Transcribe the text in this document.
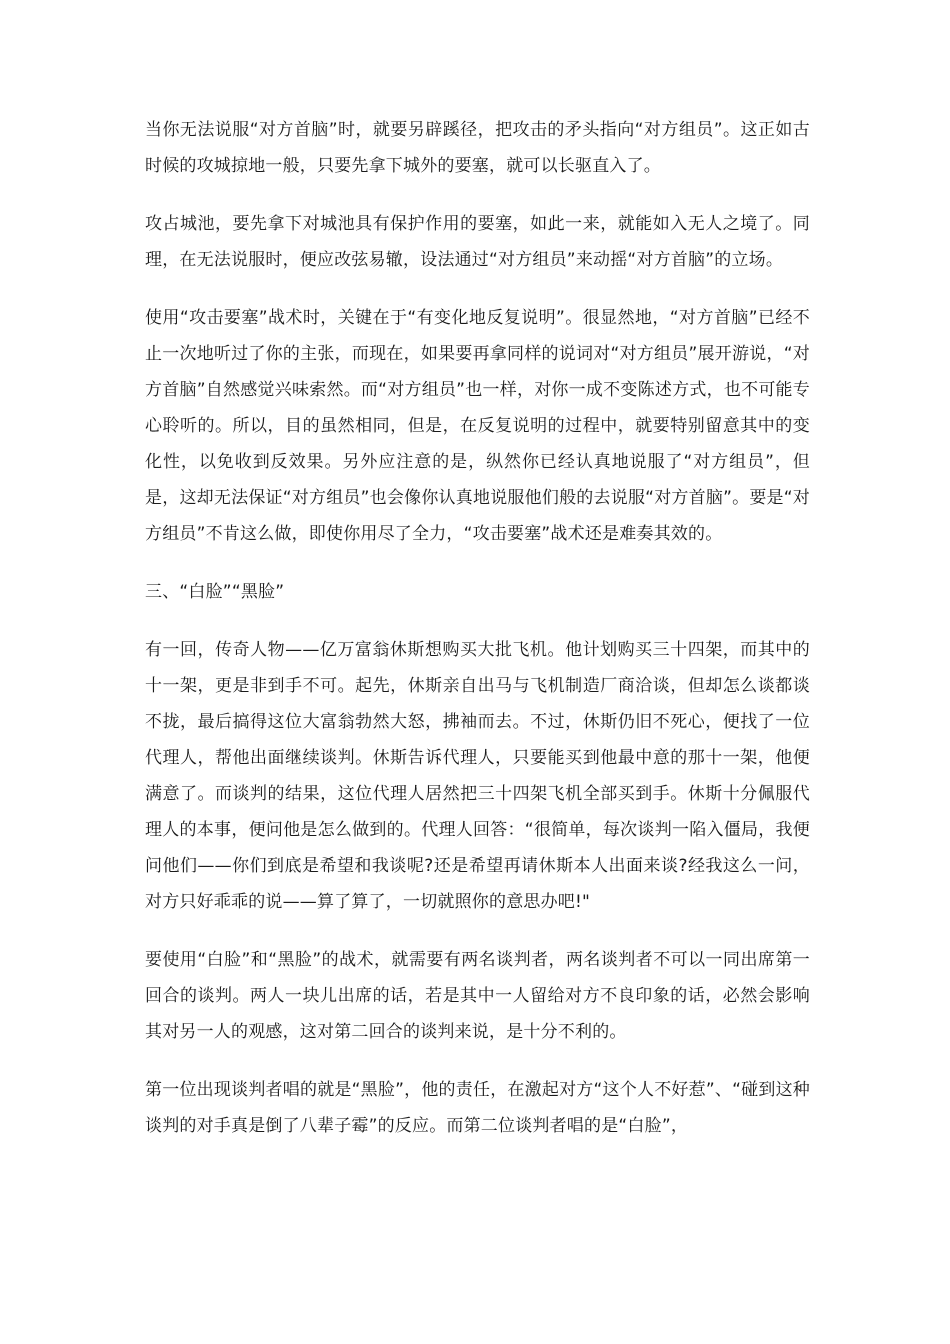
当你无法说服“对方首脑”时，就要另辟蹊径，把攻击的矛头指向“对方组员”。这正如古时候的攻城掠地一般，只要先拿下城外的要塞，就可以长驱直入了。

攻占城池，要先拿下对城池具有保护作用的要塞，如此一来，就能如入无人之境了。同理，在无法说服时，便应改弦易辙，设法通过“对方组员”来动摇“对方首脑”的立场。

使用“攻击要塞”战术时，关键在于“有变化地反复说明”。很显然地，“对方首脑”已经不止一次地听过了你的主张，而现在，如果要再拿同样的说词对“对方组员”展开游说，“对方首脑”自然感觉兴味索然。而“对方组员”也一样，对你一成不变陈述方式，也不可能专心聆听的。所以，目的虽然相同，但是，在反复说明的过程中，就要特别留意其中的变化性，以免收到反效果。另外应注意的是，纵然你已经认真地说服了“对方组员”，但是，这却无法保证“对方组员”也会像你认真地说服他们般的去说服“对方首脑”。要是“对方组员”不肯这么做，即使你用尽了全力，“攻击要塞”战术还是难奏其效的。

三、“白脸”“黑脸”

有一回，传奇人物——亿万富翁休斯想购买大批飞机。他计划购买三十四架，而其中的十一架，更是非到手不可。起先，休斯亲自出马与飞机制造厂商洽谈，但却怎么谈都谈不拢，最后搞得这位大富翁勃然大怒，拂袖而去。不过，休斯仍旧不死心，便找了一位代理人，帮他出面继续谈判。休斯告诉代理人，只要能买到他最中意的那十一架，他便满意了。而谈判的结果，这位代理人居然把三十四架飞机全部买到手。休斯十分佩服代理人的本事，便问他是怎么做到的。代理人回答：“很简单，每次谈判一陷入僵局，我便问他们——你们到底是希望和我谈呢?还是希望再请休斯本人出面来谈?经我这么一问，对方只好乖乖的说——算了算了，一切就照你的意思办吧!"

要使用“白脸”和“黑脸”的战术，就需要有两名谈判者，两名谈判者不可以一同出席第一回合的谈判。两人一块儿出席的话，若是其中一人留给对方不良印象的话，必然会影响其对另一人的观感，这对第二回合的谈判来说，是十分不利的。

第一位出现谈判者唱的就是“黑脸”，他的责任，在激起对方“这个人不好惹”、“碰到这种谈判的对手真是倒了八辈子霉”的反应。而第二位谈判者唱的是“白脸”，
